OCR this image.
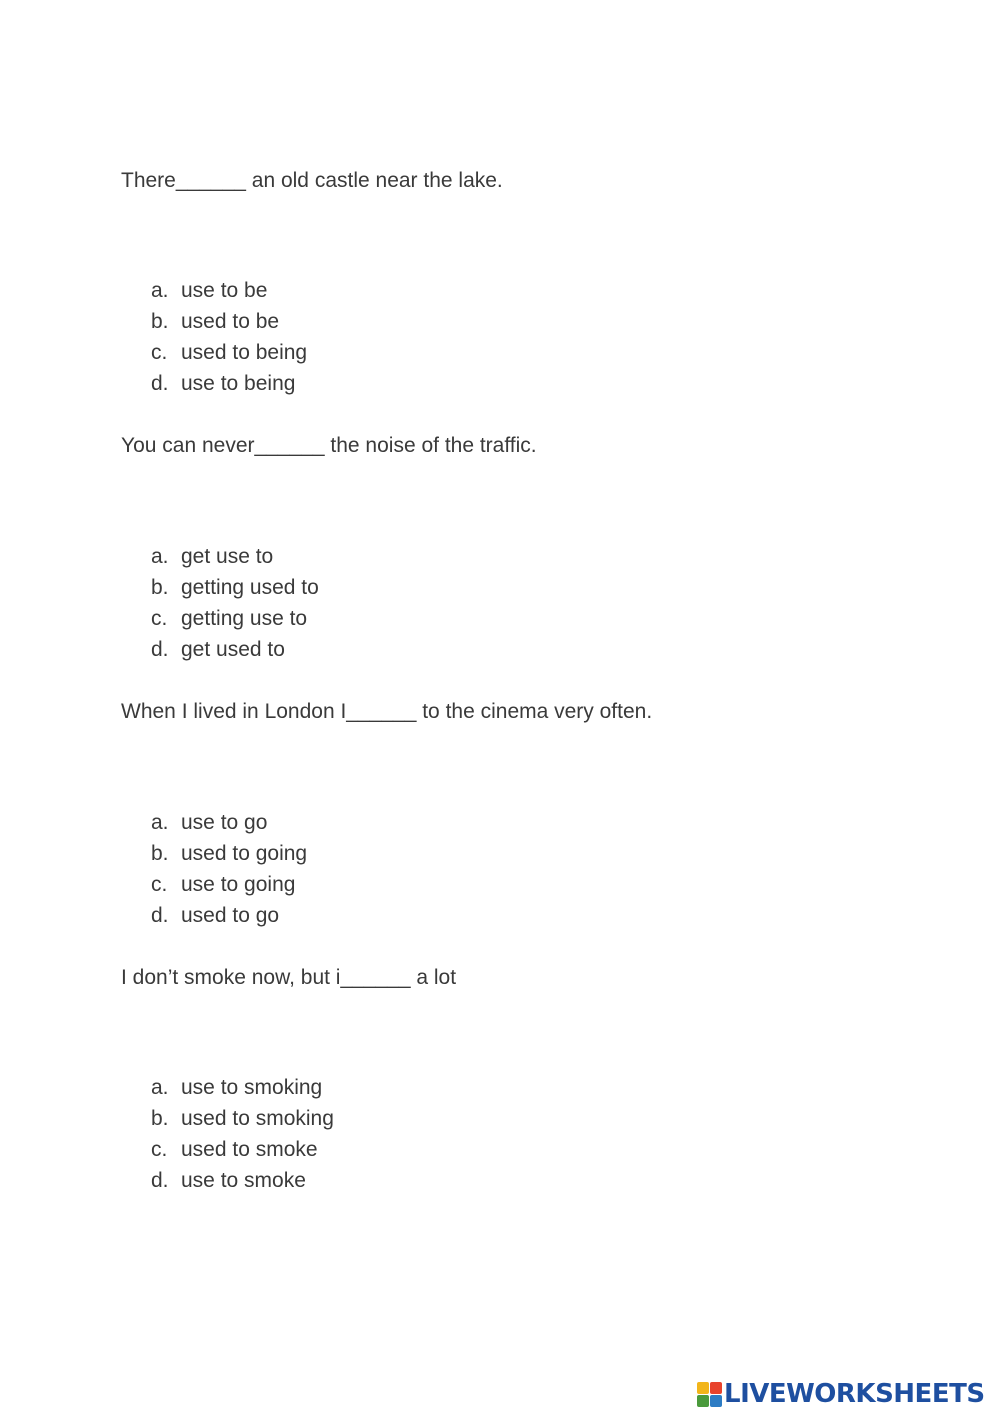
There______ an old castle near the lake.
a. use to be
b. used to be
c. used to being
d. use to being
You can never______ the noise of the traffic.
a. get use to
b. getting used to
c. getting use to
d. get used to
When I lived in London I______ to the cinema very often.
a. use to go
b. used to going
c. use to going
d. used to go
I don’t smoke now, but i______ a lot
a. use to smoking
b. used to smoking
c. used to smoke
d. use to smoke
LIVEWORKSHEETS
